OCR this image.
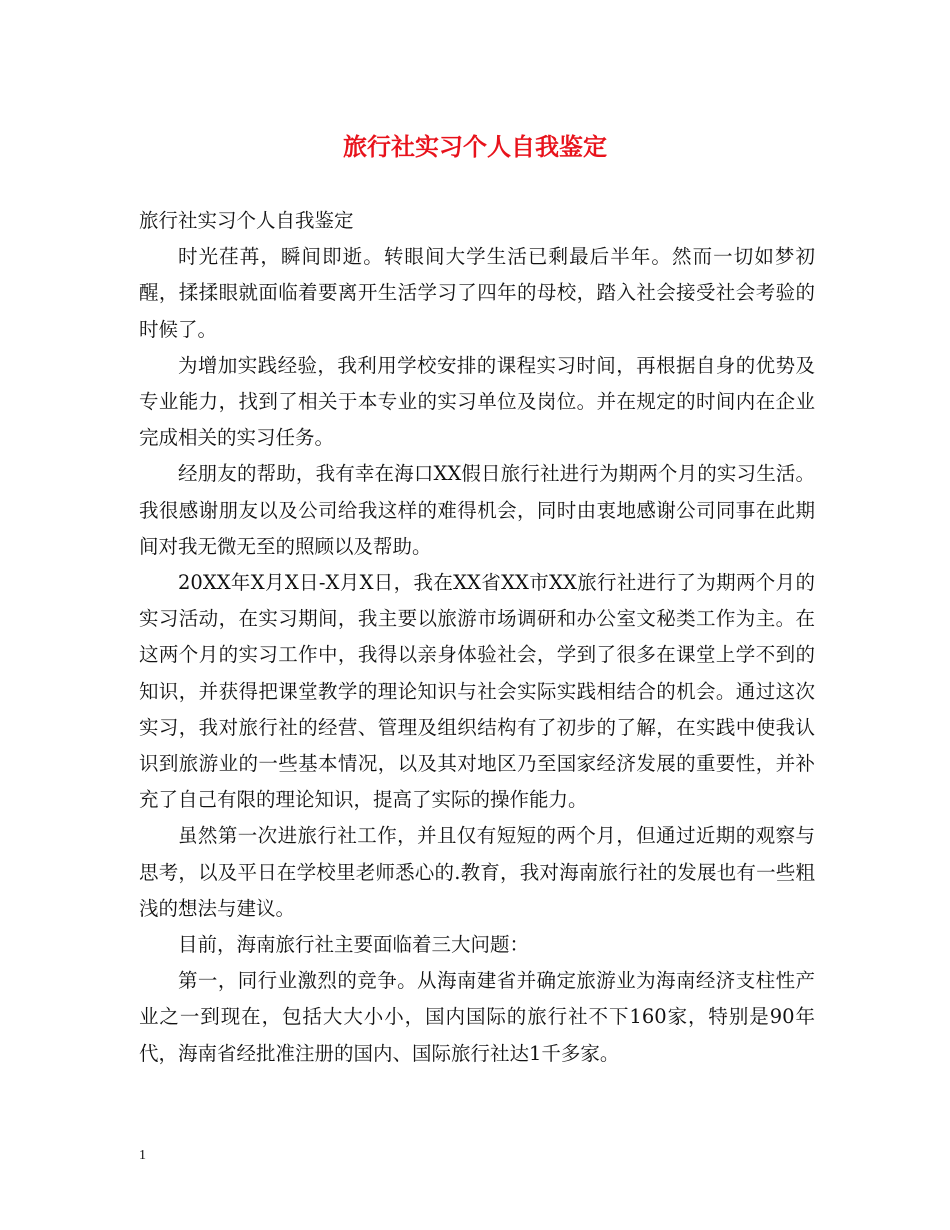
旅行社实习个人自我鉴定

旅行社实习个人自我鉴定

时光荏苒，瞬间即逝。转眼间大学生活已剩最后半年。然而一切如梦初醒，揉揉眼就面临着要离开生活学习了四年的母校，踏入社会接受社会考验的时候了。

为增加实践经验，我利用学校安排的课程实习时间，再根据自身的优势及专业能力，找到了相关于本专业的实习单位及岗位。并在规定的时间内在企业完成相关的实习任务。

经朋友的帮助，我有幸在海口XX假日旅行社进行为期两个月的实习生活。我很感谢朋友以及公司给我这样的难得机会，同时由衷地感谢公司同事在此期间对我无微无至的照顾以及帮助。

20XX年X月X日-X月X日，我在XX省XX市XX旅行社进行了为期两个月的实习活动，在实习期间，我主要以旅游市场调研和办公室文秘类工作为主。在这两个月的实习工作中，我得以亲身体验社会，学到了很多在课堂上学不到的知识，并获得把课堂教学的理论知识与社会实际实践相结合的机会。通过这次实习，我对旅行社的经营、管理及组织结构有了初步的了解，在实践中使我认识到旅游业的一些基本情况，以及其对地区乃至国家经济发展的重要性，并补充了自己有限的理论知识，提高了实际的操作能力。

虽然第一次进旅行社工作，并且仅有短短的两个月，但通过近期的观察与思考，以及平日在学校里老师悉心的.教育，我对海南旅行社的发展也有一些粗浅的想法与建议。

目前，海南旅行社主要面临着三大问题：

第一，同行业激烈的竞争。从海南建省并确定旅游业为海南经济支柱性产业之一到现在，包括大大小小，国内国际的旅行社不下160家，特别是90年代，海南省经批准注册的国内、国际旅行社达1千多家。

1
